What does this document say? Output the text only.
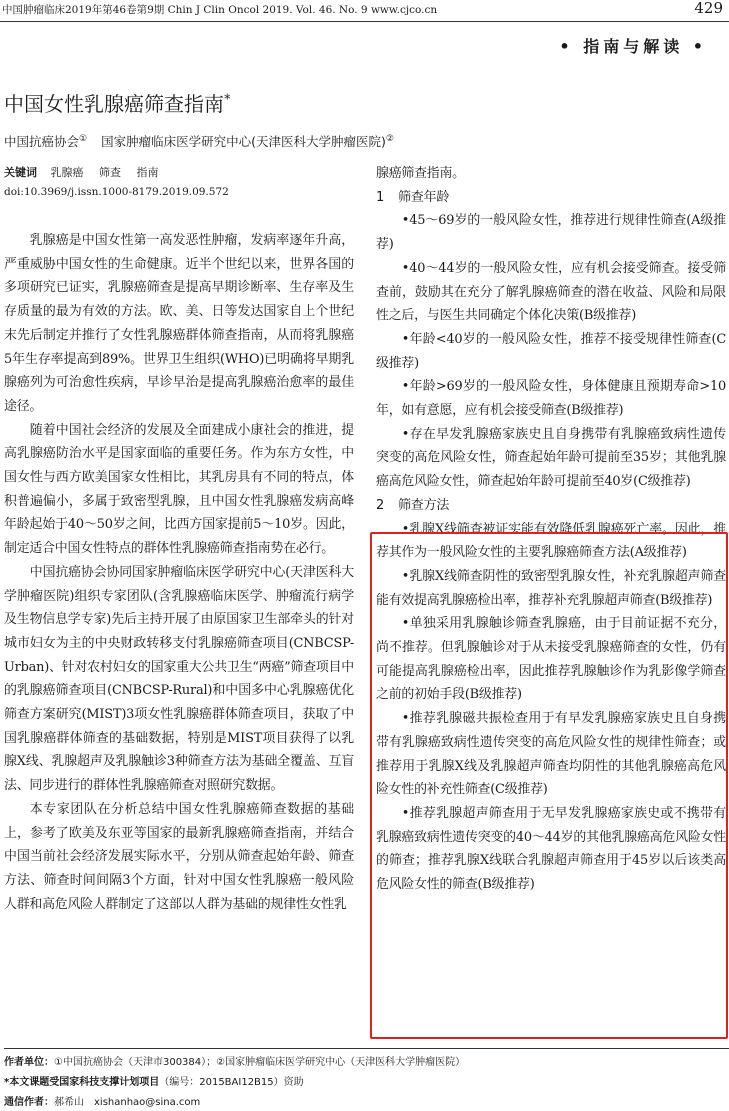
中国肿瘤临床2019年第46卷第9期 Chin J Clin Oncol 2019. Vol. 46. No. 9 www.cjco.cn	429
• 指南与解读 •
中国女性乳腺癌筛查指南*
中国抗癌协会① 国家肿瘤临床医学研究中心(天津医科大学肿瘤医院)②
关键词 乳腺癌 筛查 指南
doi:10.3969/j.issn.1000-8179.2019.09.572

乳腺癌是中国女性第一高发恶性肿瘤，发病率逐年升高，严重威胁中国女性的生命健康。近半个世纪以来，世界各国的多项研究已证实，乳腺癌筛查是提高早期诊断率、生存率及生存质量的最为有效的方法。欧、美、日等发达国家自上个世纪末先后制定并推行了女性乳腺癌群体筛查指南，从而将乳腺癌5年生存率提高到89%。世界卫生组织(WHO)已明确将早期乳腺癌列为可治愈性疾病，早诊早治是提高乳腺癌治愈率的最佳途径。

随着中国社会经济的发展及全面建成小康社会的推进，提高乳腺癌防治水平是国家面临的重要任务。作为东方女性，中国女性与西方欧美国家女性相比，其乳房具有不同的特点，体积普遍偏小，多属于致密型乳腺，且中国女性乳腺癌发病高峰年龄起始于40～50岁之间，比西方国家提前5～10岁。因此，制定适合中国女性特点的群体性乳腺癌筛查指南势在必行。

中国抗癌协会协同国家肿瘤临床医学研究中心(天津医科大学肿瘤医院)组织专家团队(含乳腺癌临床医学、肿瘤流行病学及生物信息学专家)先后主持开展了由原国家卫生部牵头的针对城市妇女为主的中央财政转移支付乳腺癌筛查项目(CNBCSP-Urban)、针对农村妇女的国家重大公共卫生“两癌”筛查项目中的乳腺癌筛查项目(CNBCSP-Rural)和中国多中心乳腺癌优化筛查方案研究(MIST)3项女性乳腺癌群体筛查项目，获取了中国乳腺癌群体筛查的基础数据，特别是MIST项目获得了以乳腺X线、乳腺超声及乳腺触诊3种筛查方法为基础全覆盖、互盲法、同步进行的群体性乳腺癌筛查对照研究数据。

本专家团队在分析总结中国女性乳腺癌筛查数据的基础上，参考了欧美及东亚等国家的最新乳腺癌筛查指南，并结合中国当前社会经济发展实际水平，分别从筛查起始年龄、筛查方法、筛查时间间隔3个方面，针对中国女性乳腺癌一般风险人群和高危风险人群制定了这部以人群为基础的规律性女性乳

腺癌筛查指南。

1 筛查年龄

•45～69岁的一般风险女性，推荐进行规律性筛查(A级推荐)

•40～44岁的一般风险女性，应有机会接受筛查。接受筛查前，鼓励其在充分了解乳腺癌筛查的潜在收益、风险和局限性之后，与医生共同确定个体化决策(B级推荐)

•年龄<40岁的一般风险女性，推荐不接受规律性筛查(C级推荐)

•年龄>69岁的一般风险女性，身体健康且预期寿命>10年，如有意愿，应有机会接受筛查(B级推荐)

•存在早发乳腺癌家族史且自身携带有乳腺癌致病性遗传突变的高危风险女性，筛查起始年龄可提前至35岁；其他乳腺癌高危风险女性，筛查起始年龄可提前至40岁(C级推荐)

2 筛查方法

•乳腺X线筛查被证实能有效降低乳腺癌死亡率。因此，推荐其作为一般风险女性的主要乳腺癌筛查方法(A级推荐)

•乳腺X线筛查阴性的致密型乳腺女性，补充乳腺超声筛查能有效提高乳腺癌检出率，推荐补充乳腺超声筛查(B级推荐)

•单独采用乳腺触诊筛查乳腺癌，由于目前证据不充分，尚不推荐。但乳腺触诊对于从未接受乳腺癌筛查的女性，仍有可能提高乳腺癌检出率，因此推荐乳腺触诊作为乳影像学筛查之前的初始手段(B级推荐)

•推荐乳腺磁共振检查用于有早发乳腺癌家族史且自身携带有乳腺癌致病性遗传突变的高危风险女性的规律性筛查；或推荐用于乳腺X线及乳腺超声筛查均阴性的其他乳腺癌高危风险女性的补充性筛查(C级推荐)

•推荐乳腺超声筛查用于无早发乳腺癌家族史或不携带有乳腺癌致病性遗传突变的40～44岁的其他乳腺癌高危风险女性的筛查；推荐乳腺X线联合乳腺超声筛查用于45岁以后该类高危风险女性的筛查(B级推荐)

作者单位：①中国抗癌协会（天津市300384）；②国家肿瘤临床医学研究中心（天津医科大学肿瘤医院）

*本文课题受国家科技支撑计划项目（编号：2015BAI12B15）资助

通信作者：郝希山　xishanhao@sina.com
